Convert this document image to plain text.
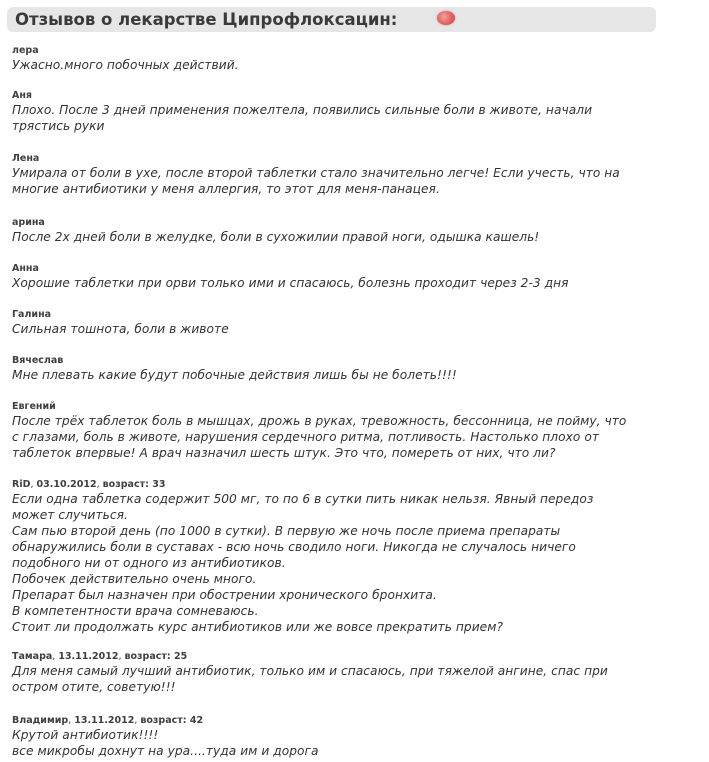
Отзывов о лекарстве Ципрофлоксацин:
лера
Ужасно.много побочных действий.
Аня
Плохо. После 3 дней применения пожелтела, появились сильные боли в животе, начали
трястись руки
Лена
Умирала от боли в ухе, после второй таблетки стало значительно легче! Если учесть, что на
многие антибиотики у меня аллергия, то этот для меня-панацея.
арина
После 2х дней боли в желудке, боли в сухожилии правой ноги, одышка кашель!
Анна
Хорошие таблетки при орви только ими и спасаюсь, болезнь проходит через 2-3 дня
Галина
Сильная тошнота, боли в животе
Вячеслав
Мне плевать какие будут побочные действия лишь бы не болеть!!!!
Евгений
После трёх таблеток боль в мышцах, дрожь в руках, тревожность, бессонница, не пойму, что
с глазами, боль в животе, нарушения сердечного ритма, потливость. Настолько плохо от
таблеток впервые! А врач назначил шесть штук. Это что, помереть от них, что ли?
RiD, 03.10.2012, возраст: 33
Если одна таблетка содержит 500 мг, то по 6 в сутки пить никак нельзя. Явный передоз
может случиться.
Сам пью второй день (по 1000 в сутки). В первую же ночь после приема препараты
обнаружились боли в суставах - всю ночь сводило ноги. Никогда не случалось ничего
подобного ни от одного из антибиотиков.
Побочек действительно очень много.
Препарат был назначен при обострении хронического бронхита.
В компетентности врача сомневаюсь.
Стоит ли продолжать курс антибиотиков или же вовсе прекратить прием?
Тамара, 13.11.2012, возраст: 25
Для меня самый лучший антибиотик, только им и спасаюсь, при тяжелой ангине, спас при
остром отите, советую!!!
Владимир, 13.11.2012, возраст: 42
Крутой антибиотик!!!!
все микробы дохнут на ура....туда им и дорога
